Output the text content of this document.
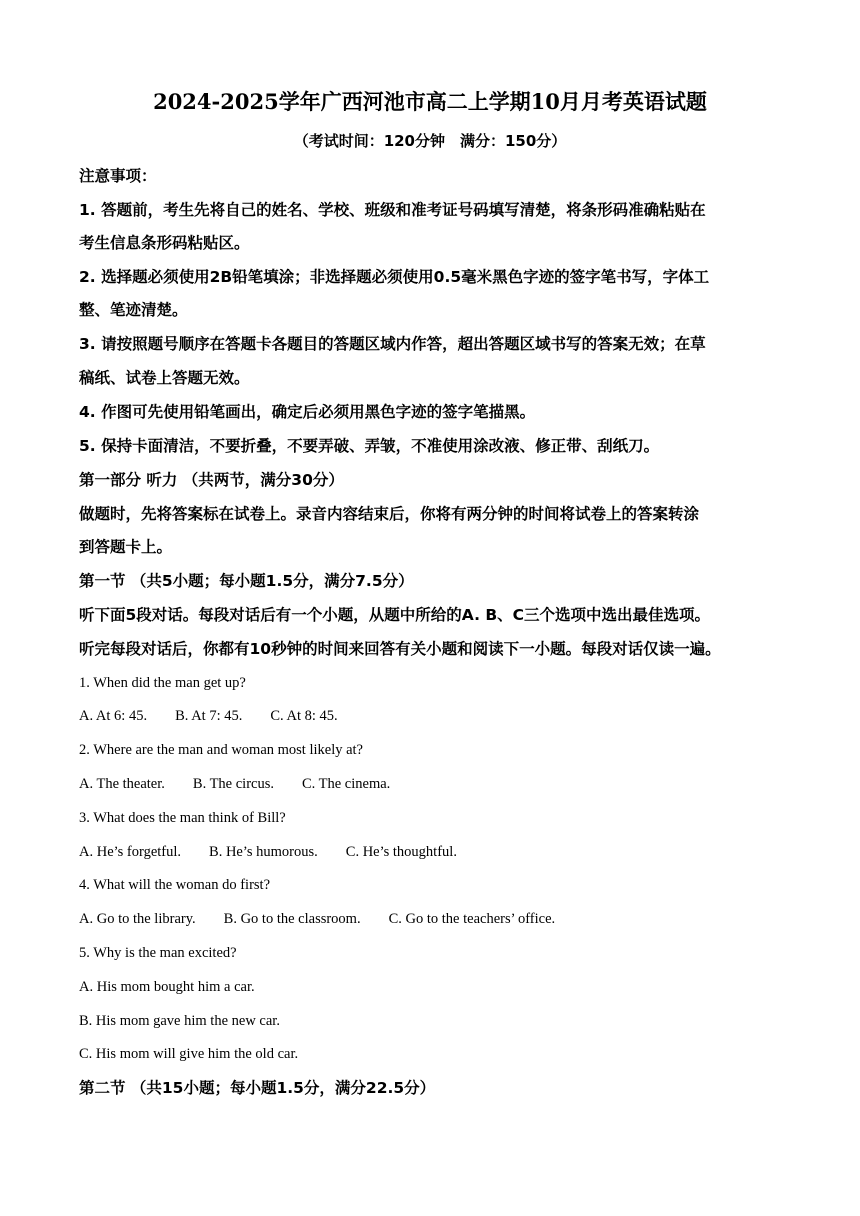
2024-2025学年广西河池市高二上学期10月月考英语试题
（考试时间：120分钟　满分：150分）
注意事项：
1. 答题前，考生先将自己的姓名、学校、班级和准考证号码填写清楚，将条形码准确粘贴在
考生信息条形码粘贴区。
2. 选择题必须使用2B铅笔填涂；非选择题必须使用0.5毫米黑色字迹的签字笔书写，字体工
整、笔迹清楚。
3. 请按照题号顺序在答题卡各题目的答题区域内作答，超出答题区域书写的答案无效；在草
稿纸、试卷上答题无效。
4. 作图可先使用铅笔画出，确定后必须用黑色字迹的签字笔描黑。
5. 保持卡面清洁，不要折叠，不要弄破、弄皱，不准使用涂改液、修正带、刮纸刀。
第一部分 听力 （共两节，满分30分）
做题时，先将答案标在试卷上。录音内容结束后，你将有两分钟的时间将试卷上的答案转涂
到答题卡上。
第一节 （共5小题；每小题1.5分，满分7.5分）
听下面5段对话。每段对话后有一个小题，从题中所给的A. B、C三个选项中选出最佳选项。
听完每段对话后，你都有10秒钟的时间来回答有关小题和阅读下一小题。每段对话仅读一遍。
1. When did the man get up?
A. At 6: 45. B. At 7: 45. C. At 8: 45.
2. Where are the man and woman most likely at?
A. The theater. B. The circus. C. The cinema.
3. What does the man think of Bill?
A. He’s forgetful. B. He’s humorous. C. He’s thoughtful.
4. What will the woman do first?
A. Go to the library. B. Go to the classroom. C. Go to the teachers’ office.
5. Why is the man excited?
A. His mom bought him a car.
B. His mom gave him the new car.
C. His mom will give him the old car.
第二节 （共15小题；每小题1.5分，满分22.5分）
